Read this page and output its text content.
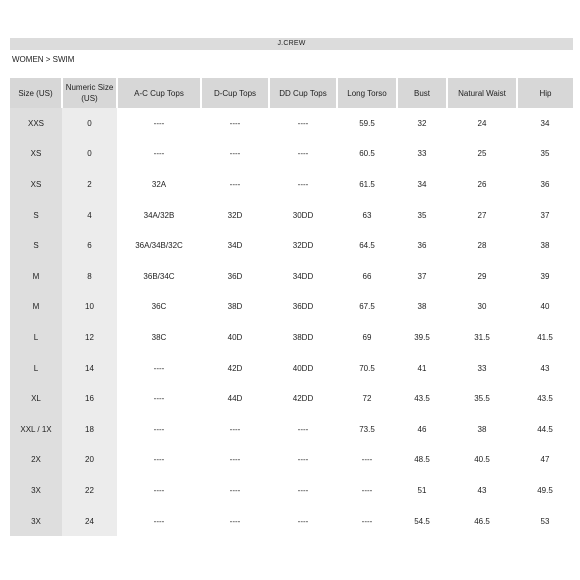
J.CREW
WOMEN > SWIM
Size (US)	Numeric Size (US)	A-C Cup Tops	D-Cup Tops	DD Cup Tops	Long Torso	Bust	Natural Waist	Hip
XXS	0	----	----	----	59.5	32	24	34
XS	0	----	----	----	60.5	33	25	35
XS	2	32A	----	----	61.5	34	26	36
S	4	34A/32B	32D	30DD	63	35	27	37
S	6	36A/34B/32C	34D	32DD	64.5	36	28	38
M	8	36B/34C	36D	34DD	66	37	29	39
M	10	36C	38D	36DD	67.5	38	30	40
L	12	38C	40D	38DD	69	39.5	31.5	41.5
L	14	----	42D	40DD	70.5	41	33	43
XL	16	----	44D	42DD	72	43.5	35.5	43.5
XXL / 1X	18	----	----	----	73.5	46	38	44.5
2X	20	----	----	----	----	48.5	40.5	47
3X	22	----	----	----	----	51	43	49.5
3X	24	----	----	----	----	54.5	46.5	53
